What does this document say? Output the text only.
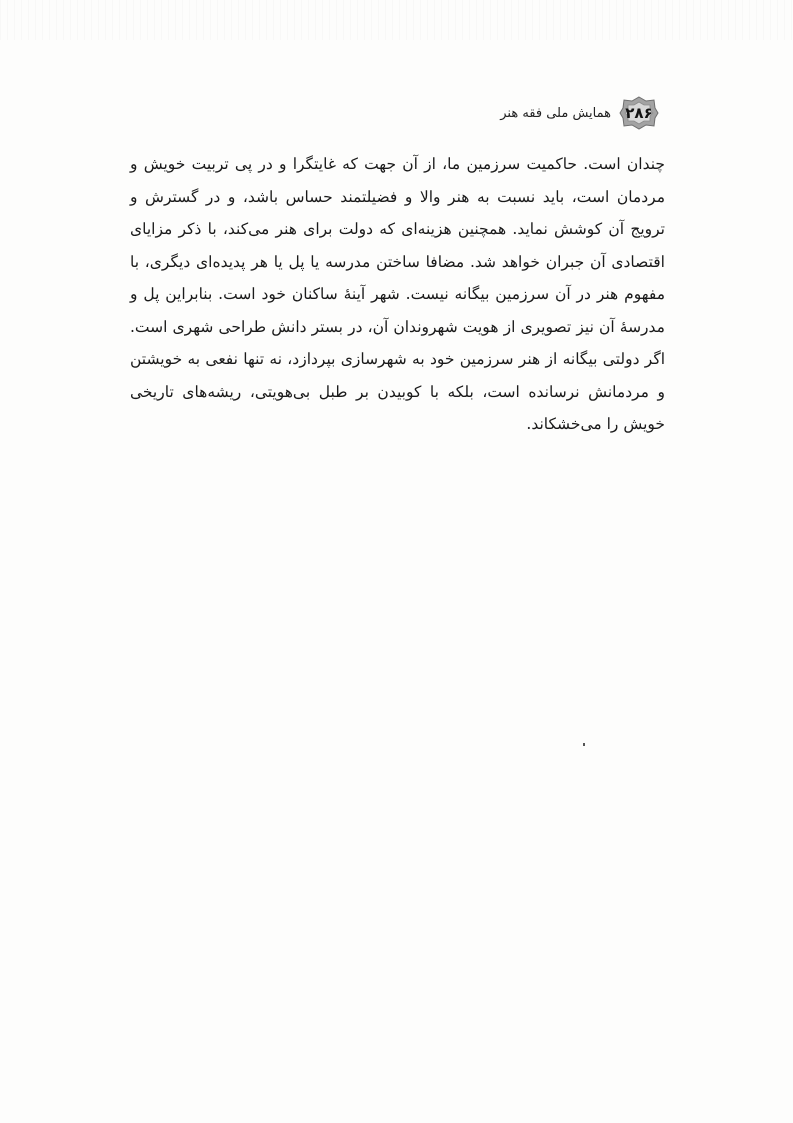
۲۸۶
همایش ملی فقه هنر

چندان است. حاکمیت سرزمین ما، از آن جهت که غایتگرا و در پی تربیت خویش و مردمان است، باید نسبت به هنر والا و فضیلتمند حساس باشد، و در گسترش و ترویج آن کوشش نماید. همچنین هزینه‌ای که دولت برای هنر می‌کند، با ذکر مزایای اقتصادی آن جبران خواهد شد. مضافا ساختن مدرسه یا پل یا هر پدیده‌ای دیگری، با مفهوم هنر در آن سرزمین بیگانه نیست. شهر آینهٔ ساکنان خود است. بنابراین پل و مدرسهٔ آن نیز تصویری از هویت شهروندان آن، در بستر دانش طراحی شهری است. اگر دولتی بیگانه از هنر سرزمین خود به شهرسازی بپردازد، نه تنها نفعی به خویشتن و مردمانش نرسانده است، بلکه با کوبیدن بر طبل بی‌هویتی، ریشه‌های تاریخی خویش را می‌خشکاند.
